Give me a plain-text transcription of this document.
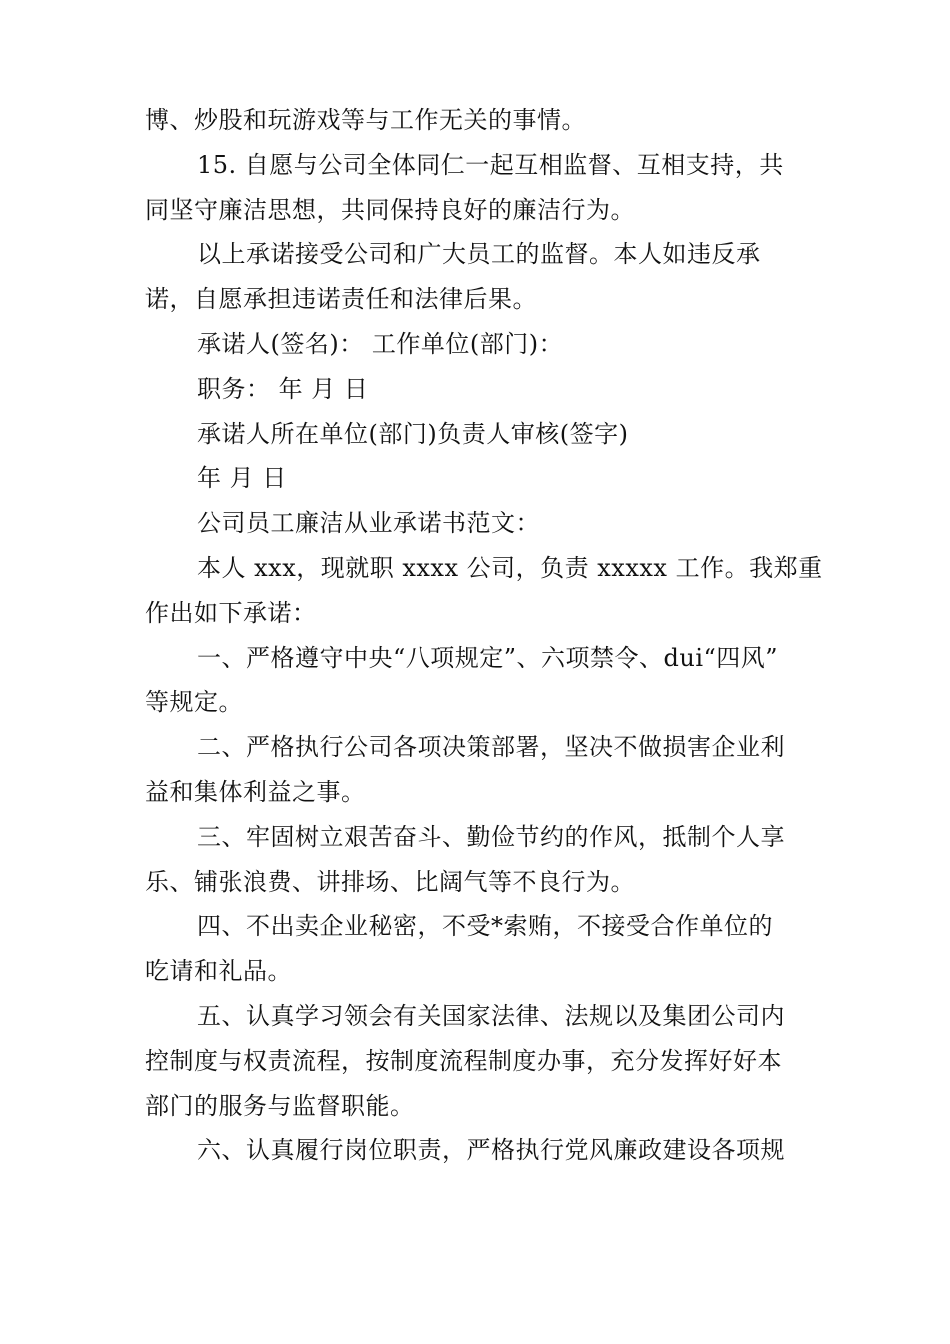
博、炒股和玩游戏等与工作无关的事情。
15. 自愿与公司全体同仁一起互相监督、互相支持，共
同坚守廉洁思想，共同保持良好的廉洁行为。
以上承诺接受公司和广大员工的监督。本人如违反承
诺，自愿承担违诺责任和法律后果。
承诺人(签名)： 工作单位(部门)：
职务： 年 月 日
承诺人所在单位(部门)负责人审核(签字)
年 月 日
公司员工廉洁从业承诺书范文：
本人 xxx，现就职 xxxx 公司，负责 xxxxx 工作。我郑重
作出如下承诺：
一、严格遵守中央“八项规定”、六项禁令、dui“四风”
等规定。
二、严格执行公司各项决策部署，坚决不做损害企业利
益和集体利益之事。
三、牢固树立艰苦奋斗、勤俭节约的作风，抵制个人享
乐、铺张浪费、讲排场、比阔气等不良行为。
四、不出卖企业秘密，不受*索贿，不接受合作单位的
吃请和礼品。
五、认真学习领会有关国家法律、法规以及集团公司内
控制度与权责流程，按制度流程制度办事，充分发挥好好本
部门的服务与监督职能。
六、认真履行岗位职责，严格执行党风廉政建设各项规
